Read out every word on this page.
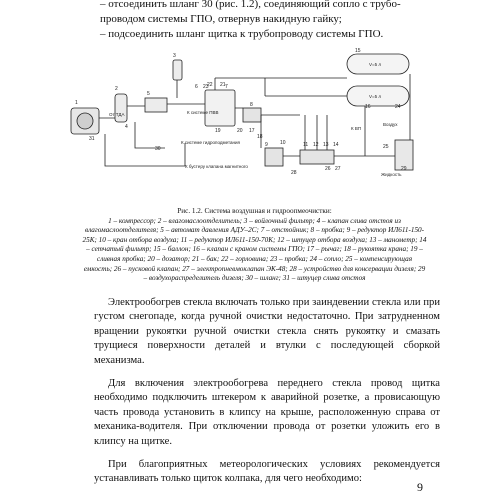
– отсоединить шланг 30 (рис. 1.2), соединяющий сопло с трубо-

проводом системы ГПО, отвернув накидную гайку;

– подсоединить шланг щитка к трубопроводу системы ГПО.

От ТДА	К системе ПВВ
К системе гидроподметания
К бустеру клапана магнитного
Воздух
Жидкость
V=5 л
V=5 л
К ВП
1
2
3
4
5
6	7
8
9 10	11 12 13 14
15
16
17
18
19	20
21
22
23
24
25
26 27
28
29
30
31
Рис. 1.2. Система воздушная и гидроопмеочистки:
1 – компрессор; 2 – влагомаслоотделитель; 3 – войлочный фильтр; 4 – клапан слива отстоя из влагомаслоотделителя; 5 – автомат давления АДУ–2С; 7 – отстойник; 8 – пробка; 9 – редуктор ИЛ611-150-25К; 10 – кран отбора воздуха; 11 – редуктор ИЛ611-150-70К; 12 – штуцер отбора воздуха; 13 – манометр; 14 – сетчатый фильтр; 15 – баллон; 16 – клапан с краном системы ГПО; 17 – рычаг; 18 – рукоятка крана; 19 – сливная пробка; 20 – дозатор; 21 – бак; 22 – горловина; 23 – пробка; 24 – сопло; 25 – компенсирующая емкость; 26 – пусковой клапан; 27 – электропневмоклапан ЭК-48; 28 – устройство для консервации дизеля; 29 – воздухораспределитель дизеля; 30 – шланг; 31 – штуцер слива отстоя

Электрообогрев стекла включать только при заиндевении стекла или при густом снегопаде, когда ручной очистки недостаточно. При затрудненном вращении рукоятки ручной очистки стекла снять рукоятку и смазать трущиеся поверхности деталей и втулки с последующей сборкой механизма.

Для включения электрообогрева переднего стекла провод щитка необходимо подключить штекером к аварийной розетке, а провисающую часть провода установить в клипсу на крыше, расположенную справа от механика-водителя. При отключении провода от розетки уложить его в клипсу на щитке.

При благоприятных метеорологических условиях рекомендуется устанавливать только щиток колпака, для чего необходимо:

9
